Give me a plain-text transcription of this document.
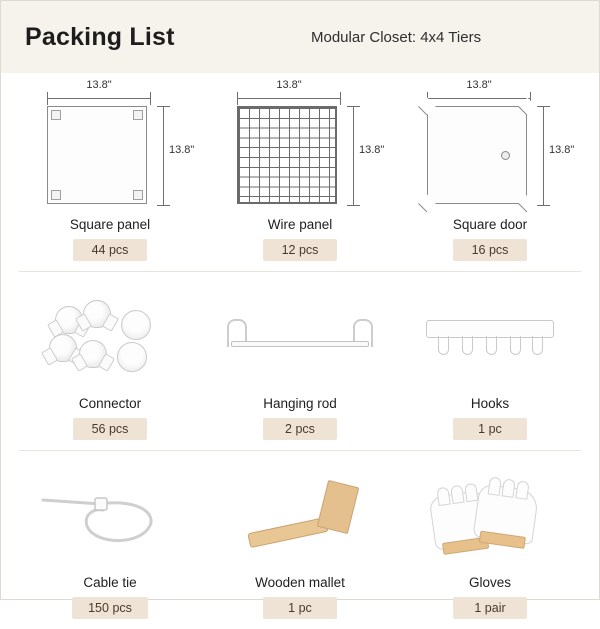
Packing List	Modular Closet: 4x4 Tiers
13.8"
13.8"
Square panel
44 pcs
13.8"
13.8"
Wire panel
12 pcs
13.8"
13.8"
Square door
16 pcs
Connector
56 pcs
Hanging rod
2 pcs
Hooks
1 pc
Cable tie
150 pcs
Wooden mallet
1 pc
Gloves
1 pair
